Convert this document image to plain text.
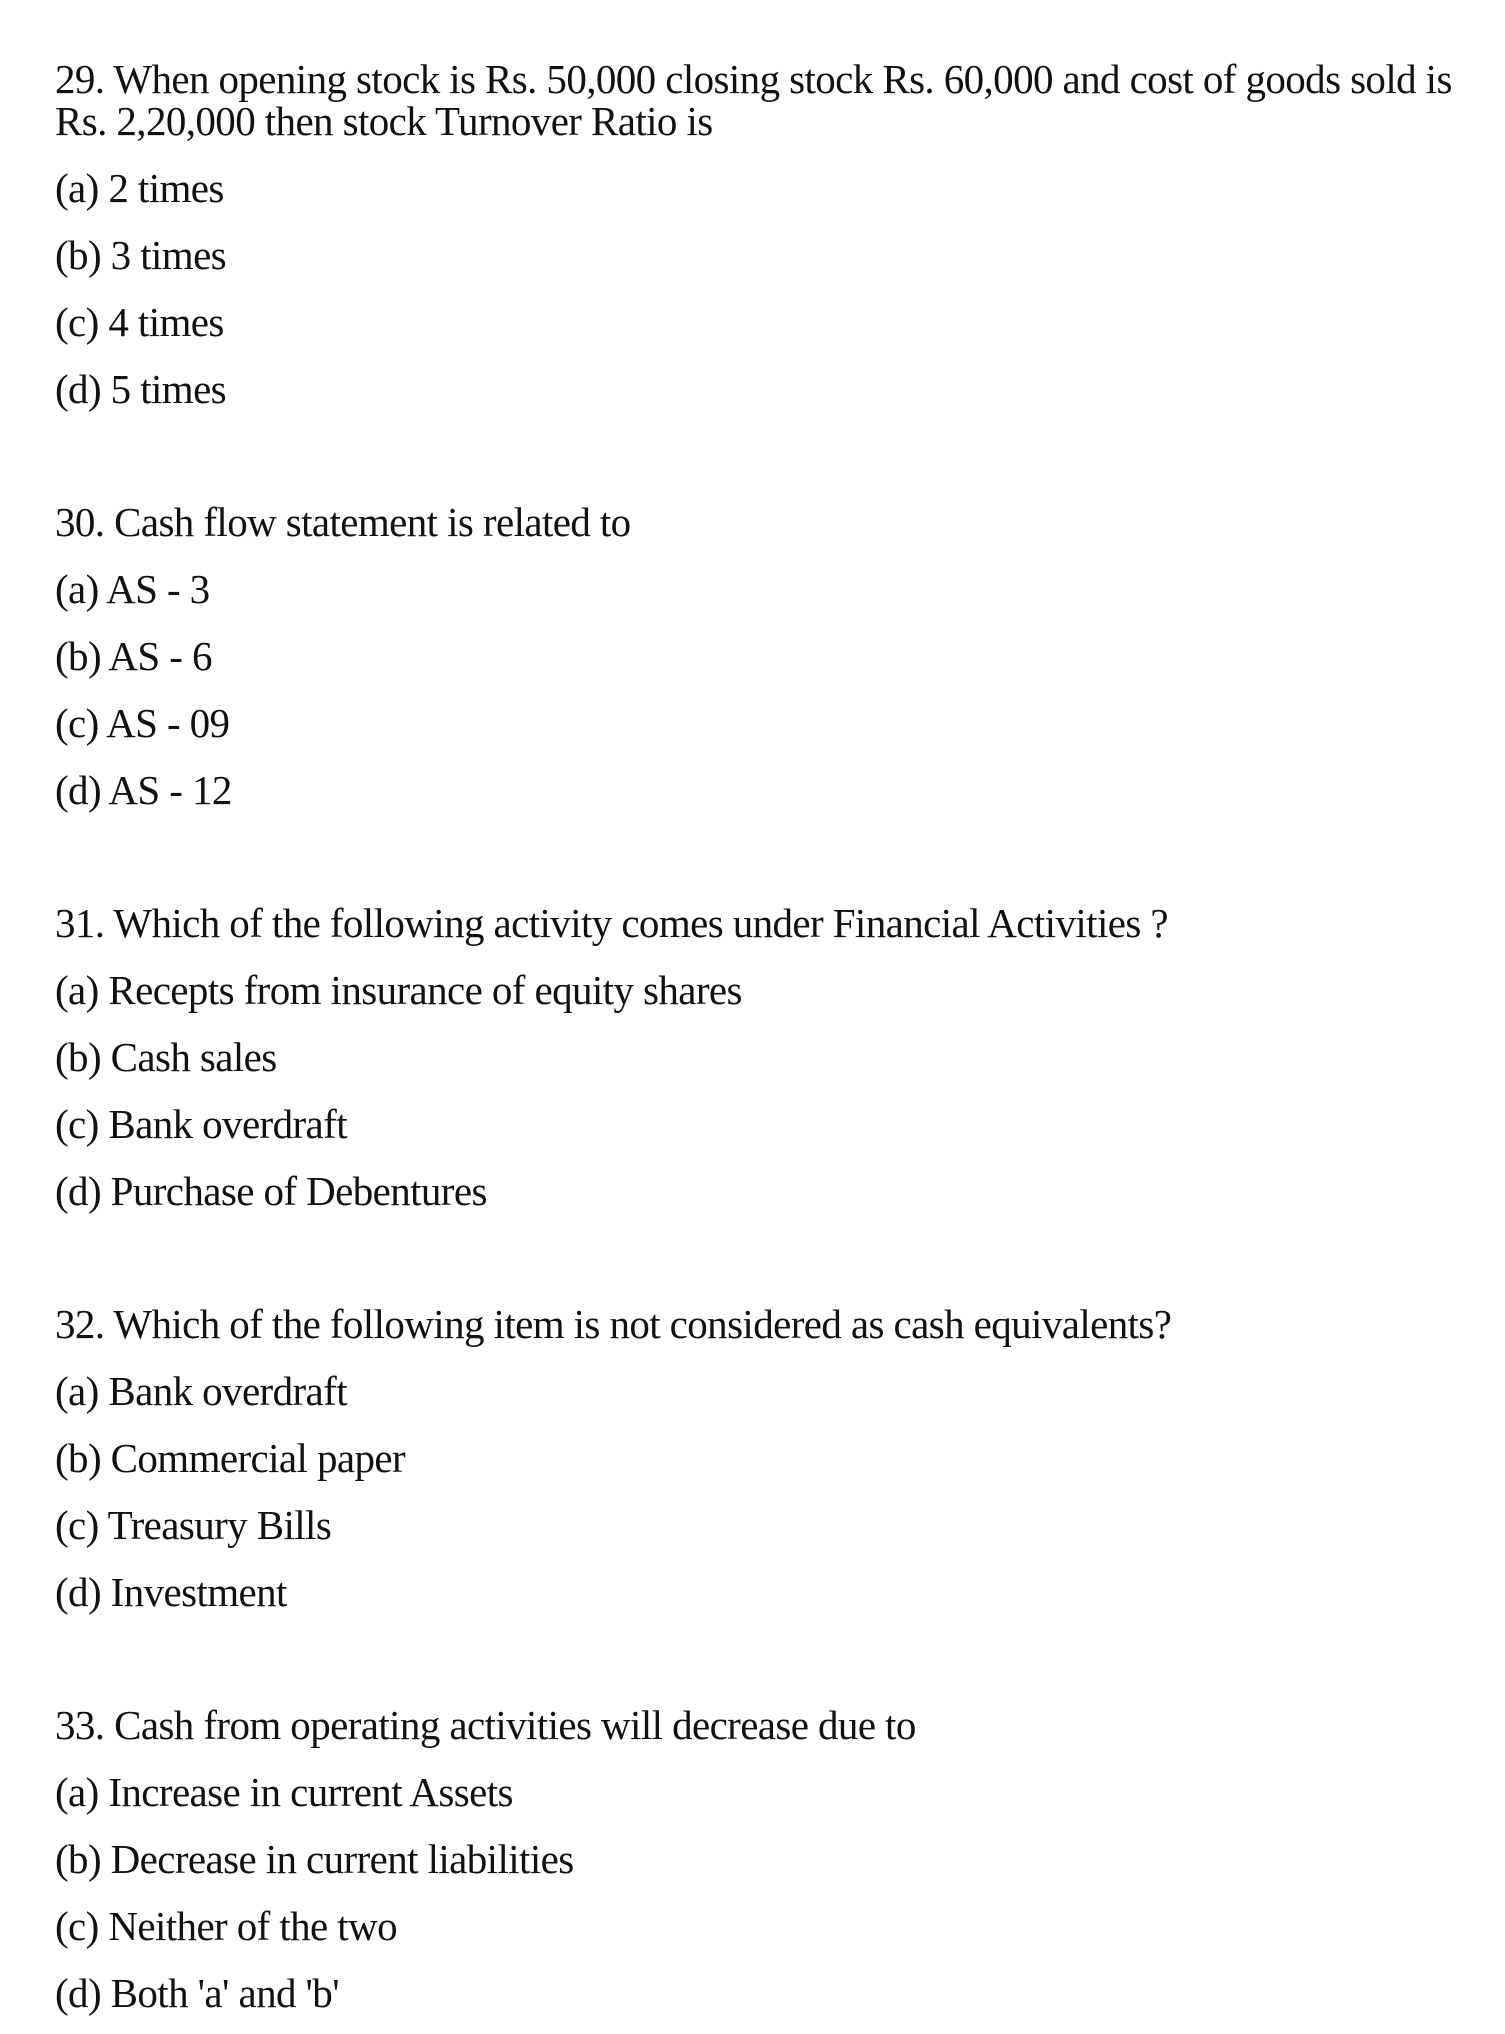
29. When opening stock is Rs. 50,000 closing stock Rs. 60,000 and cost of goods sold is
Rs. 2,20,000 then stock Turnover Ratio is
(a) 2 times
(b) 3 times
(c) 4 times
(d) 5 times
30. Cash flow statement is related to
(a) AS - 3
(b) AS - 6
(c) AS - 09
(d) AS - 12
31. Which of the following activity comes under Financial Activities ?
(a) Recepts from insurance of equity shares
(b) Cash sales
(c) Bank overdraft
(d) Purchase of Debentures
32. Which of the following item is not considered as cash equivalents?
(a) Bank overdraft
(b) Commercial paper
(c) Treasury Bills
(d) Investment
33. Cash from operating activities will decrease due to
(a) Increase in current Assets
(b) Decrease in current liabilities
(c) Neither of the two
(d) Both 'a' and 'b'
